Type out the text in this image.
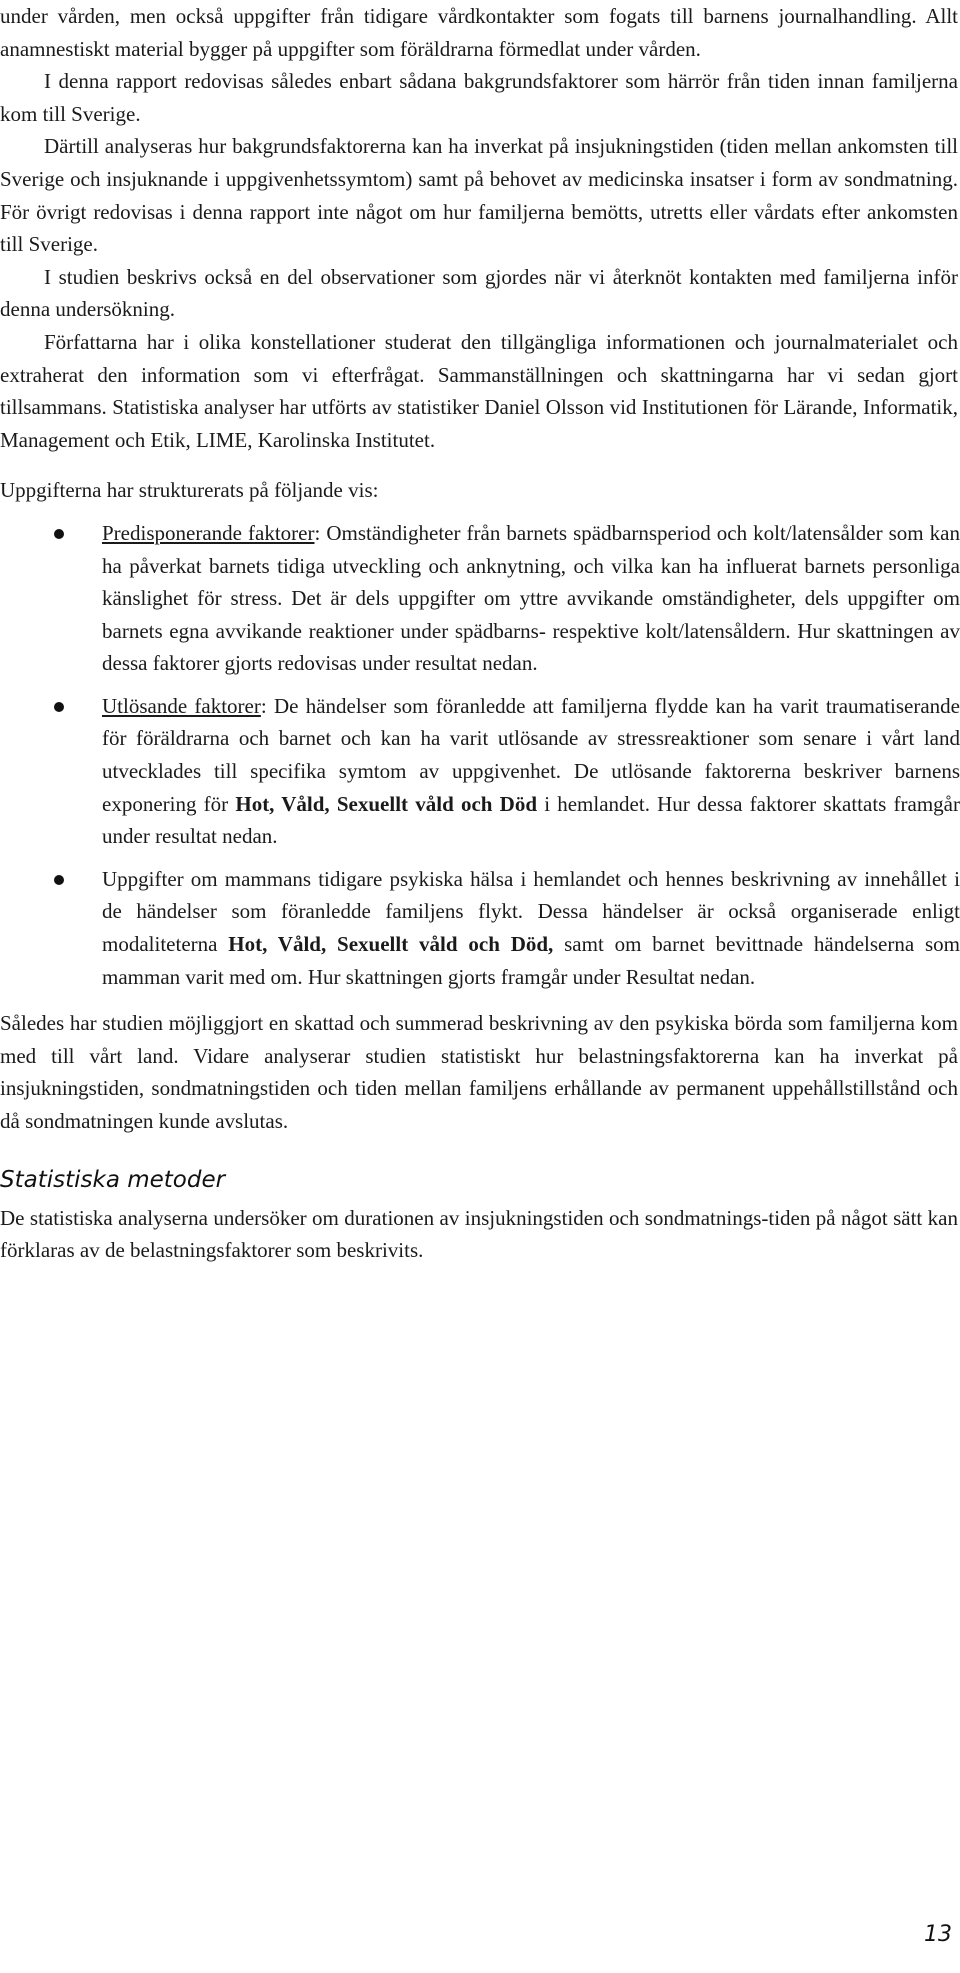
under vården, men också uppgifter från tidigare vårdkontakter som fogats till barnens journalhandling. Allt anamnestiskt material bygger på uppgifter som föräldrarna förmedlat under vården.

I denna rapport redovisas således enbart sådana bakgrundsfaktorer som härrör från tiden innan familjerna kom till Sverige.

Därtill analyseras hur bakgrundsfaktorerna kan ha inverkat på insjukningstiden (tiden mellan ankomsten till Sverige och insjuknande i uppgivenhetssymtom) samt på behovet av medicinska insatser i form av sondmatning. För övrigt redovisas i denna rapport inte något om hur familjerna bemötts, utretts eller vårdats efter ankomsten till Sverige.

I studien beskrivs också en del observationer som gjordes när vi återknöt kontakten med familjerna inför denna undersökning.

Författarna har i olika konstellationer studerat den tillgängliga informationen och journalmaterialet och extraherat den information som vi efterfrågat. Sammanställningen och skattningarna har vi sedan gjort tillsammans. Statistiska analyser har utförts av statistiker Daniel Olsson vid Institutionen för Lärande, Informatik, Management och Etik, LIME, Karolinska Institutet.

Uppgifterna har strukturerats på följande vis:

Predisponerande faktorer: Omständigheter från barnets spädbarnsperiod och kolt/latensålder som kan ha påverkat barnets tidiga utveckling och anknytning, och vilka kan ha influerat barnets personliga känslighet för stress. Det är dels uppgifter om yttre avvikande omständigheter, dels uppgifter om barnets egna avvikande reaktioner under spädbarns- respektive kolt/latensåldern. Hur skattningen av dessa faktorer gjorts redovisas under resultat nedan.
Utlösande faktorer: De händelser som föranledde att familjerna flydde kan ha varit traumatiserande för föräldrarna och barnet och kan ha varit utlösande av stressreaktioner som senare i vårt land utvecklades till specifika symtom av uppgivenhet. De utlösande faktorerna beskriver barnens exponering för Hot, Våld, Sexuellt våld och Död i hemlandet. Hur dessa faktorer skattats framgår under resultat nedan.
Uppgifter om mammans tidigare psykiska hälsa i hemlandet och hennes beskrivning av innehållet i de händelser som föranledde familjens flykt. Dessa händelser är också organiserade enligt modaliteterna Hot, Våld, Sexuellt våld och Död, samt om barnet bevittnade händelserna som mamman varit med om. Hur skattningen gjorts framgår under Resultat nedan.

Således har studien möjliggjort en skattad och summerad beskrivning av den psykiska börda som familjerna kom med till vårt land. Vidare analyserar studien statistiskt hur belastningsfaktorerna kan ha inverkat på insjukningstiden, sondmatningstiden och tiden mellan familjens erhållande av permanent uppehållstillstånd och då sondmatningen kunde avslutas.

Statistiska metoder

De statistiska analyserna undersöker om durationen av insjukningstiden och sondmatnings-tiden på något sätt kan förklaras av de belastningsfaktorer som beskrivits.

13
